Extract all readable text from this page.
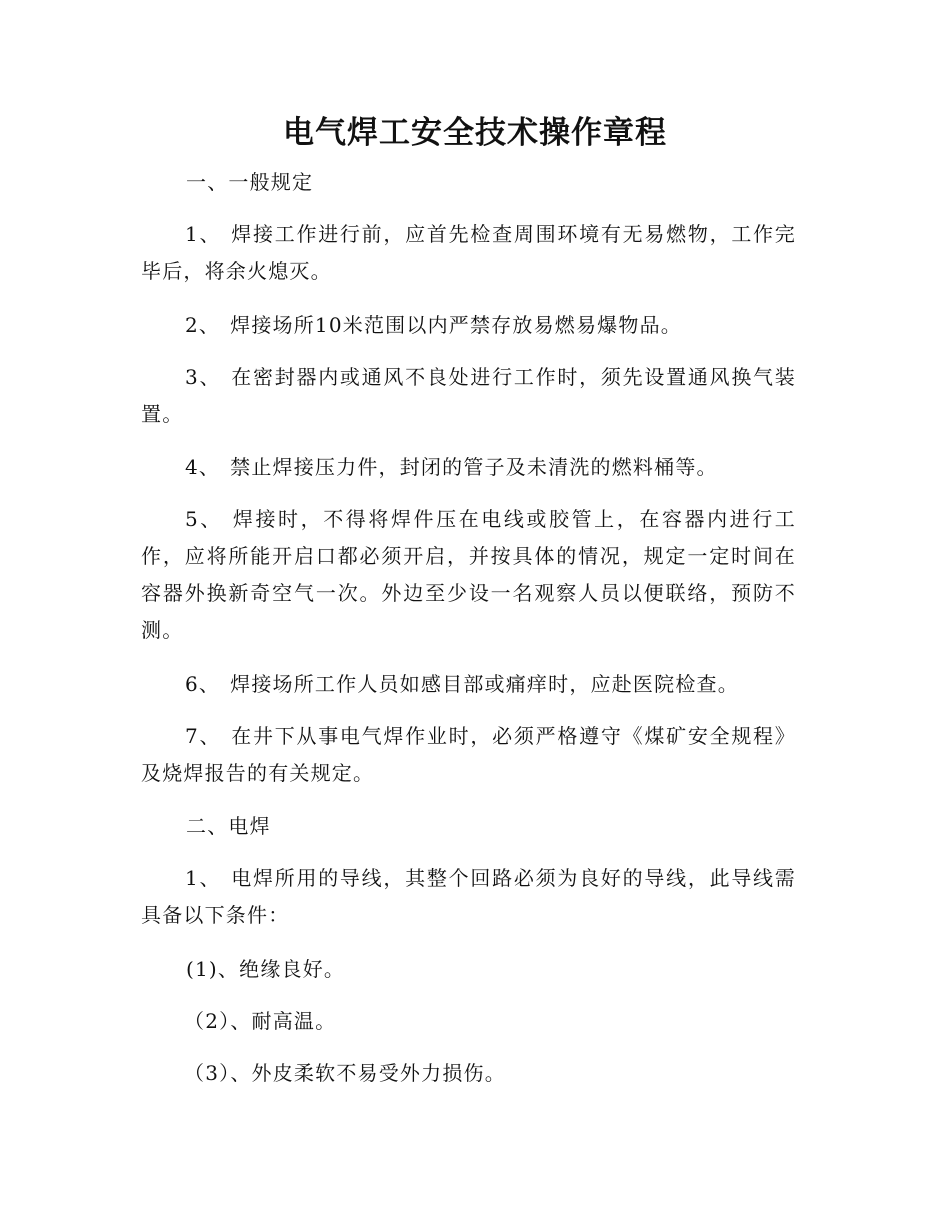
电气焊工安全技术操作章程
一、一般规定
1、 焊接工作进行前，应首先检查周围环境有无易燃物，工作完毕后，将余火熄灭。
2、 焊接场所10米范围以内严禁存放易燃易爆物品。
3、 在密封器内或通风不良处进行工作时，须先设置通风换气装置。
4、 禁止焊接压力件，封闭的管子及未清洗的燃料桶等。
5、 焊接时，不得将焊件压在电线或胶管上，在容器内进行工作，应将所能开启口都必须开启，并按具体的情况，规定一定时间在容器外换新奇空气一次。外边至少设一名观察人员以便联络，预防不测。
6、 焊接场所工作人员如感目部或痛痒时，应赴医院检查。
7、 在井下从事电气焊作业时，必须严格遵守《煤矿安全规程》及烧焊报告的有关规定。
二、电焊
1、 电焊所用的导线，其整个回路必须为良好的导线，此导线需具备以下条件：
(1)、绝缘良好。
（2）、耐高温。
（3）、外皮柔软不易受外力损伤。
